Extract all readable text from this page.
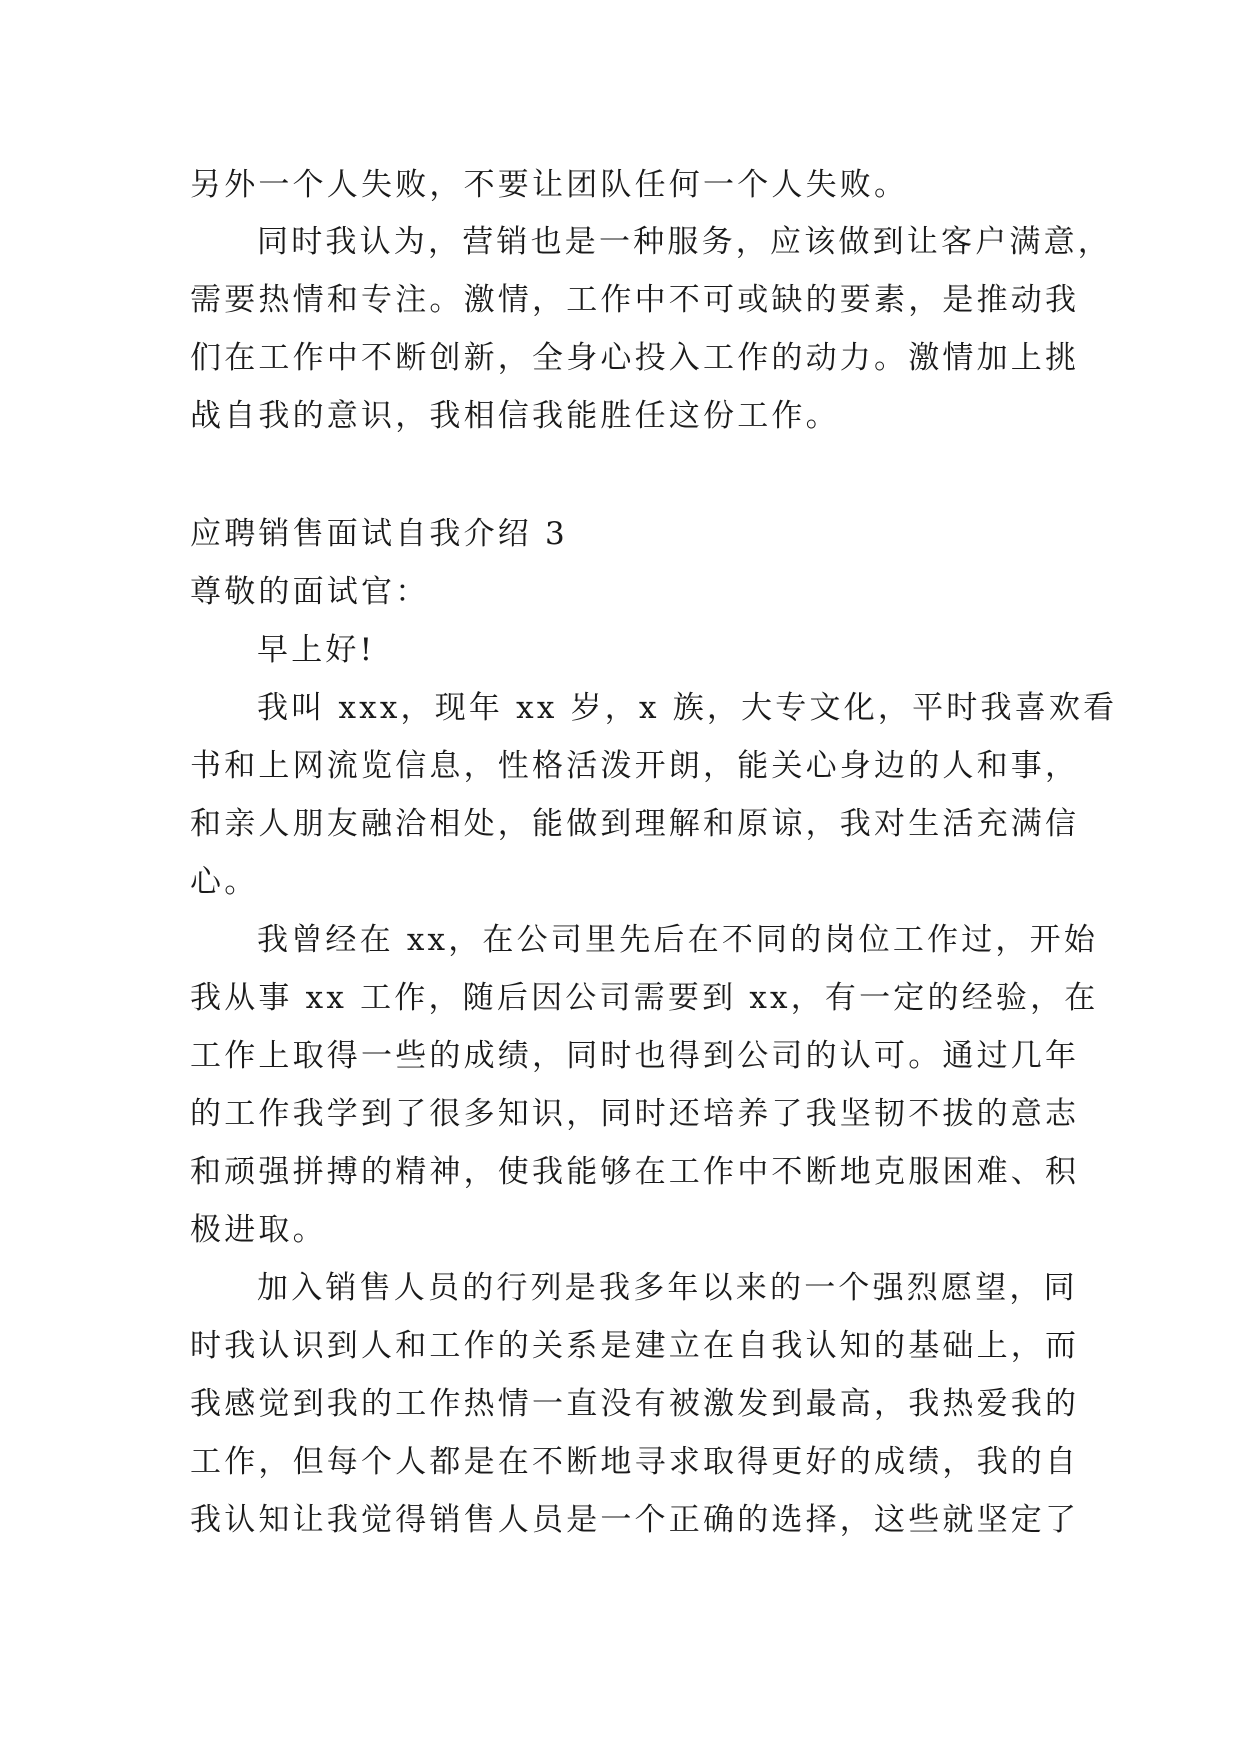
另外一个人失败，不要让团队任何一个人失败。
同时我认为，营销也是一种服务，应该做到让客户满意，
需要热情和专注。激情，工作中不可或缺的要素，是推动我
们在工作中不断创新，全身心投入工作的动力。激情加上挑
战自我的意识，我相信我能胜任这份工作。
应聘销售面试自我介绍 3
尊敬的面试官：
早上好!
我叫 xxx，现年 xx 岁，x 族，大专文化，平时我喜欢看
书和上网流览信息，性格活泼开朗，能关心身边的人和事，
和亲人朋友融洽相处，能做到理解和原谅，我对生活充满信
心。
我曾经在 xx，在公司里先后在不同的岗位工作过，开始
我从事 xx 工作，随后因公司需要到 xx，有一定的经验，在
工作上取得一些的成绩，同时也得到公司的认可。通过几年
的工作我学到了很多知识，同时还培养了我坚韧不拔的意志
和顽强拼搏的精神，使我能够在工作中不断地克服困难、积
极进取。
加入销售人员的行列是我多年以来的一个强烈愿望，同
时我认识到人和工作的关系是建立在自我认知的基础上，而
我感觉到我的工作热情一直没有被激发到最高，我热爱我的
工作，但每个人都是在不断地寻求取得更好的成绩，我的自
我认知让我觉得销售人员是一个正确的选择，这些就坚定了
